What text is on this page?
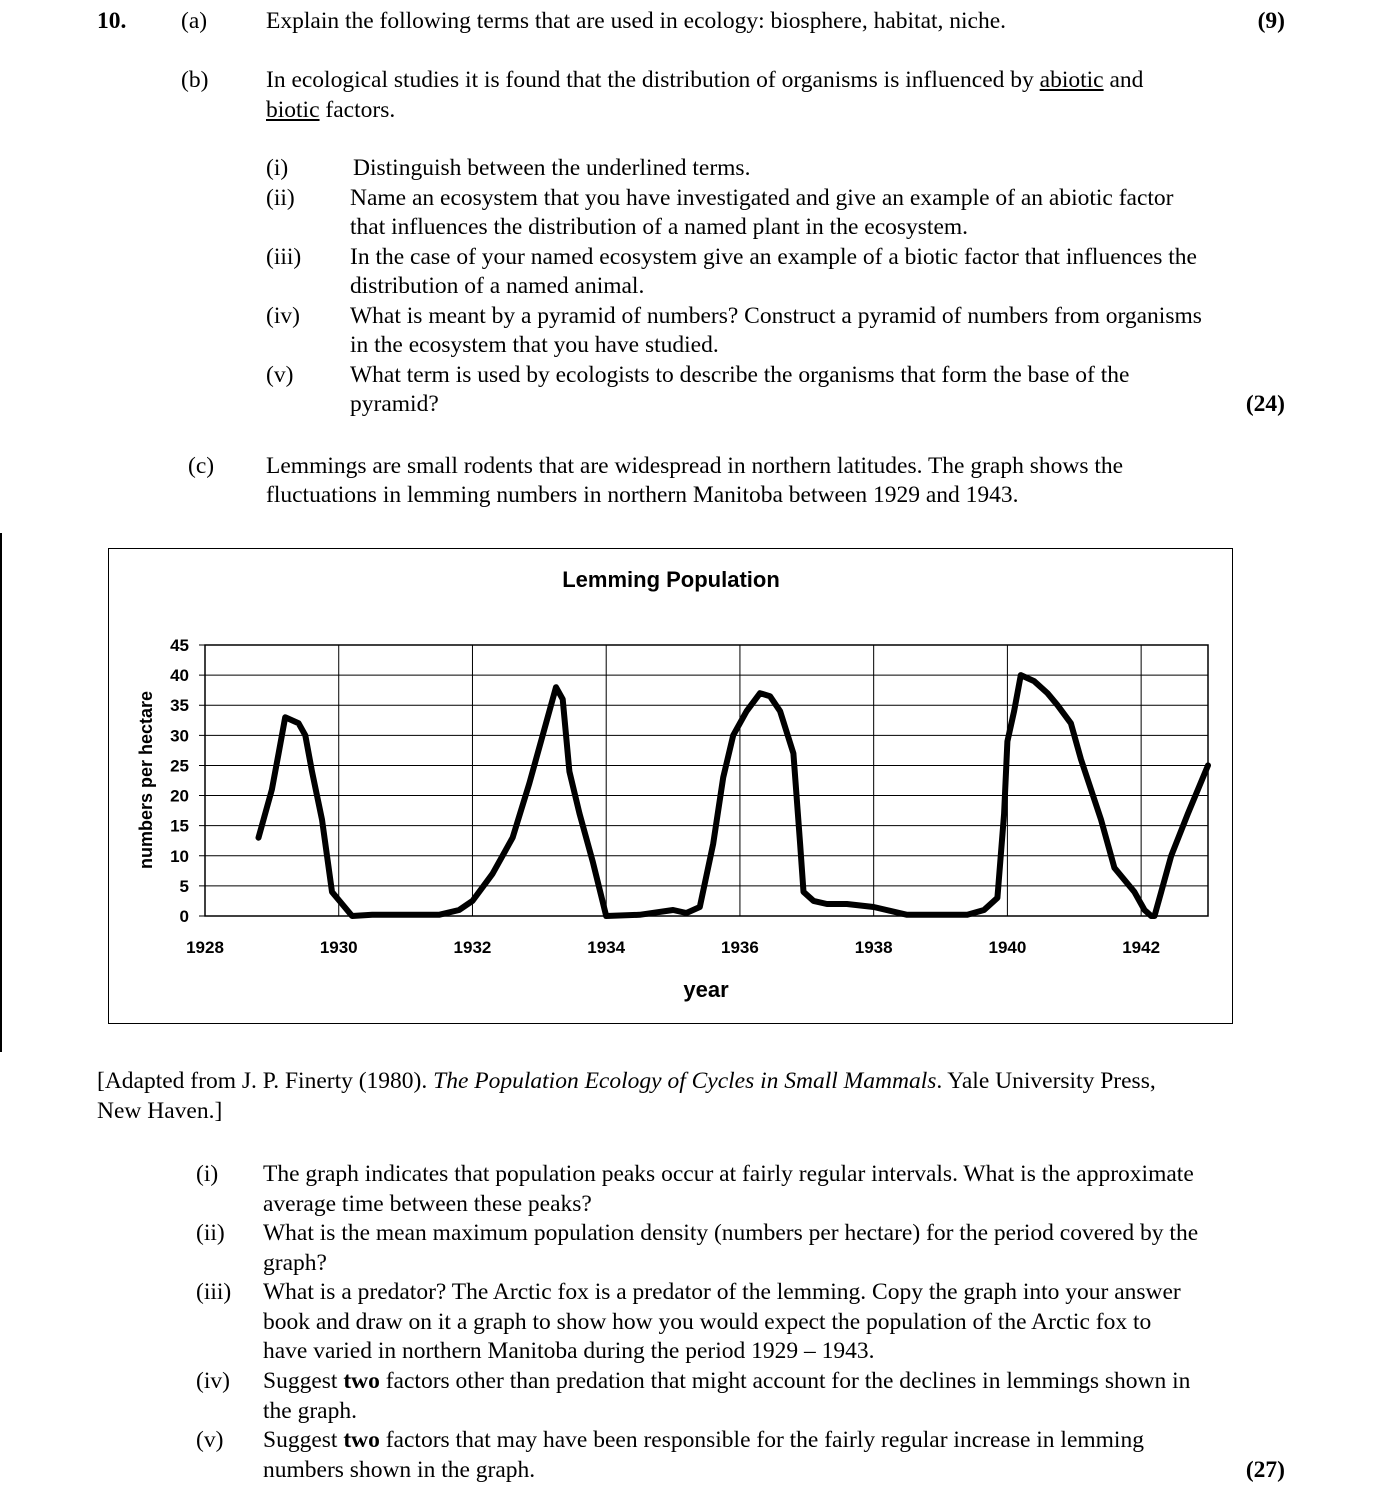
10. (a)	Explain the following terms that are used in ecology: biosphere, habitat, niche.	(9)
(b) In ecological studies it is found that the distribution of organisms is influenced by abiotic and
biotic factors.
(i)	Distinguish between the underlined terms.
(ii) Name an ecosystem that you have investigated and give an example of an abiotic factor
that influences the distribution of a named plant in the ecosystem.
(iii) In the case of your named ecosystem give an example of a biotic factor that influences the
distribution of a named animal.
(iv) What is meant by a pyramid of numbers? Construct a pyramid of numbers from organisms
in the ecosystem that you have studied.
(v) What term is used by ecologists to describe the organisms that form the base of the
pyramid?	(24)
(c) Lemmings are small rodents that are widespread in northern latitudes. The graph shows the
fluctuations in lemming numbers in northern Manitoba between 1929 and 1943.
Lemming Population
0
5
10
15
20
25
30
35
40
45
1928	1930	1932	1934	1936	1938	1940	1942
year
numbers per hectare
[Adapted from J. P. Finerty (1980). The Population Ecology of Cycles in Small Mammals. Yale University Press,
New Haven.]
(i) The graph indicates that population peaks occur at fairly regular intervals. What is the approximate
average time between these peaks?
(ii) What is the mean maximum population density (numbers per hectare) for the period covered by the
graph?
(iii) What is a predator? The Arctic fox is a predator of the lemming. Copy the graph into your answer
book and draw on it a graph to show how you would expect the population of the Arctic fox to
have varied in northern Manitoba during the period 1929 – 1943.
(iv) Suggest two factors other than predation that might account for the declines in lemmings shown in
the graph.
(v) Suggest two factors that may have been responsible for the fairly regular increase in lemming
numbers shown in the graph.	(27)
